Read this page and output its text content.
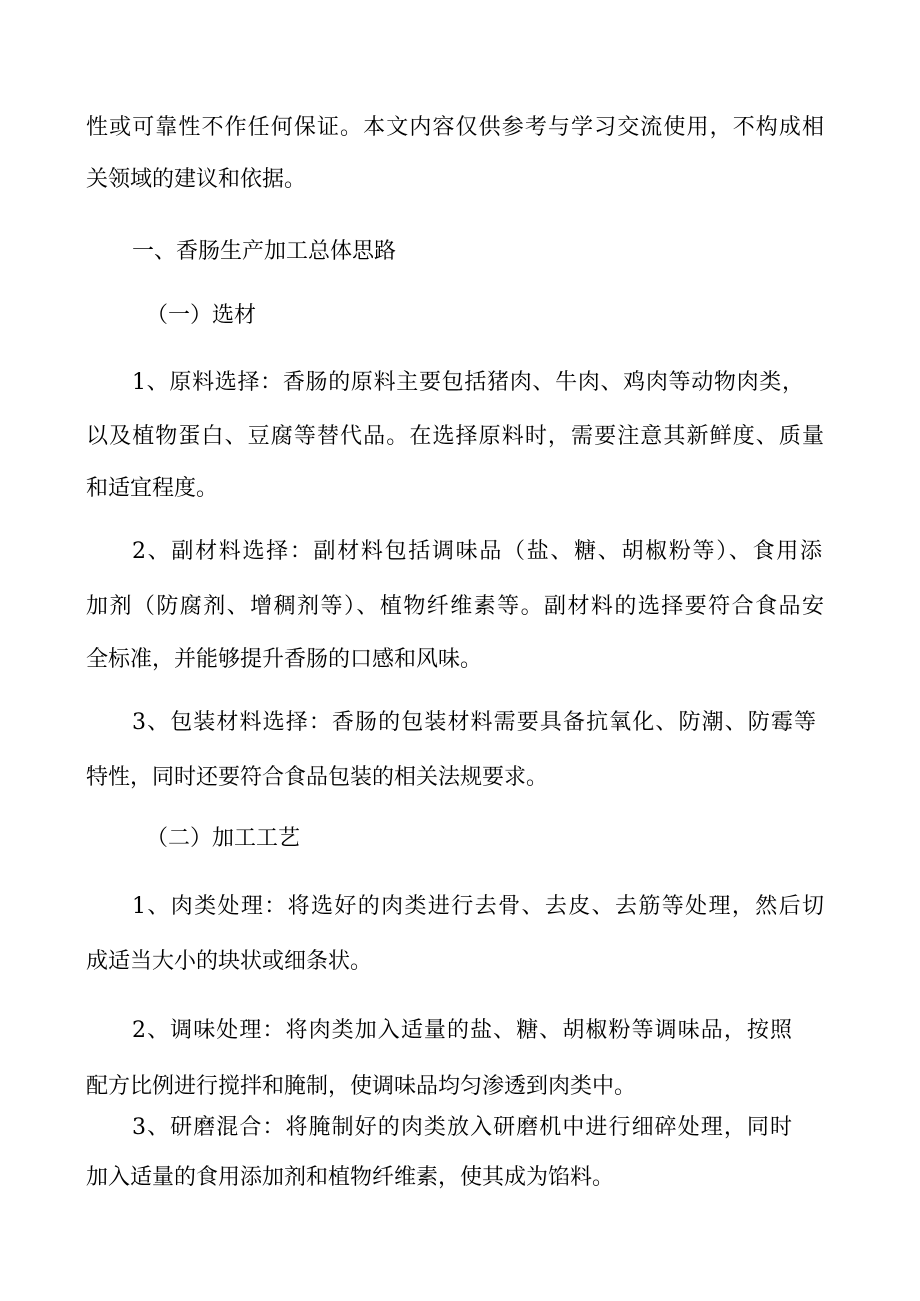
性或可靠性不作任何保证。本文内容仅供参考与学习交流使用，不构成相

关领域的建议和依据。

一、香肠生产加工总体思路

（一）选材

1、原料选择：香肠的原料主要包括猪肉、牛肉、鸡肉等动物肉类，

以及植物蛋白、豆腐等替代品。在选择原料时，需要注意其新鲜度、质量

和适宜程度。

2、副材料选择：副材料包括调味品（盐、糖、胡椒粉等）、食用添

加剂（防腐剂、增稠剂等）、植物纤维素等。副材料的选择要符合食品安

全标准，并能够提升香肠的口感和风味。

3、包装材料选择：香肠的包装材料需要具备抗氧化、防潮、防霉等

特性，同时还要符合食品包装的相关法规要求。

（二）加工工艺

1、肉类处理：将选好的肉类进行去骨、去皮、去筋等处理，然后切

成适当大小的块状或细条状。

2、调味处理：将肉类加入适量的盐、糖、胡椒粉等调味品，按照

配方比例进行搅拌和腌制，使调味品均匀渗透到肉类中。

3、研磨混合：将腌制好的肉类放入研磨机中进行细碎处理，同时

加入适量的食用添加剂和植物纤维素，使其成为馅料。
